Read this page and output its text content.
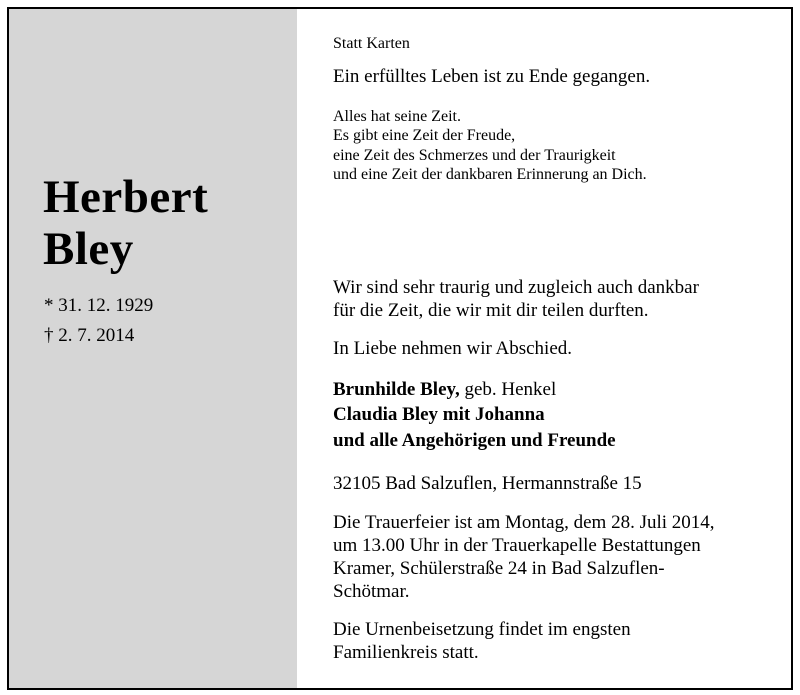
Herbert
Bley
* 31. 12. 1929
† 2. 7. 2014
Statt Karten
Ein erfülltes Leben ist zu Ende gegangen.
Alles hat seine Zeit.
Es gibt eine Zeit der Freude,
eine Zeit des Schmerzes und der Traurigkeit
und eine Zeit der dankbaren Erinnerung an Dich.
Wir sind sehr traurig und zugleich auch dankbar
für die Zeit, die wir mit dir teilen durften.
In Liebe nehmen wir Abschied.
Brunhilde Bley, geb. Henkel
Claudia Bley mit Johanna
und alle Angehörigen und Freunde
32105 Bad Salzuflen, Hermannstraße 15
Die Trauerfeier ist am Montag, dem 28. Juli 2014,
um 13.00 Uhr in der Trauerkapelle Bestattungen
Kramer, Schülerstraße 24 in Bad Salzuflen-
Schötmar.
Die Urnenbeisetzung findet im engsten
Familienkreis statt.
